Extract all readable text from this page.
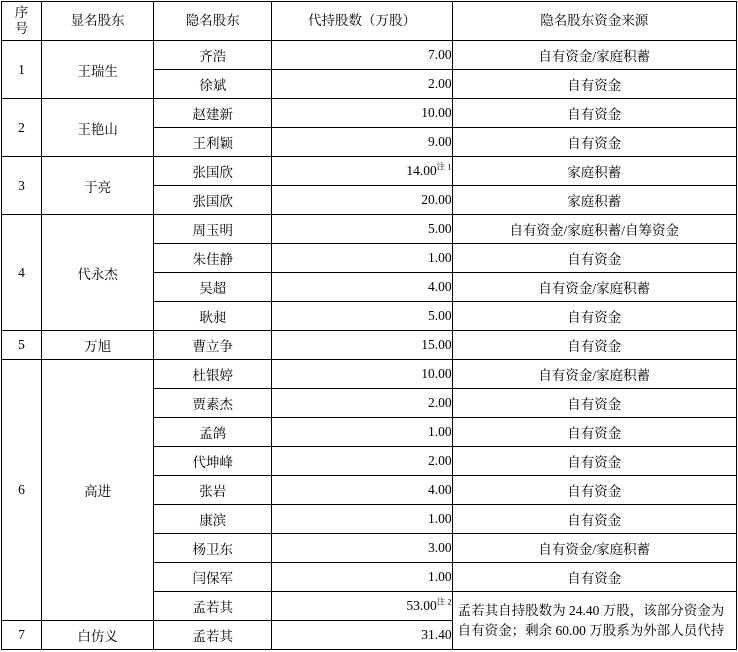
序
号	显名股东	隐名股东	代持股数（万股）	隐名股东资金来源
1	王瑞生	齐浩	7.00	自有资金/家庭积蓄
		徐斌	2.00	自有资金
2	王艳山	赵建新	10.00	自有资金
		王利颖	9.00	自有资金
3	于亮	张国欣	14.00$^{注 1}$	家庭积蓄
		张国欣	20.00	家庭积蓄
4	代永杰	周玉明	5.00	自有资金/家庭积蓄/自筹资金
		朱佳静	1.00	自有资金
		吴超	4.00	自有资金/家庭积蓄
		耿昶	5.00	自有资金
5	万旭	曹立争	15.00	自有资金
6	高进	杜银婷	10.00	自有资金/家庭积蓄
		贾素杰	2.00	自有资金
		孟鸽	1.00	自有资金
		代坤峰	2.00	自有资金
		张岩	4.00	自有资金
		康滨	1.00	自有资金
		杨卫东	3.00	自有资金/家庭积蓄
		闫保军	1.00	自有资金
		孟若其	53.00$^{注 2}$	孟若其自持股数为 24.40 万股，该部分资金为自有资金；剩余 60.00 万股系为外部人员代持
7	白仿义	孟若其	31.40	
